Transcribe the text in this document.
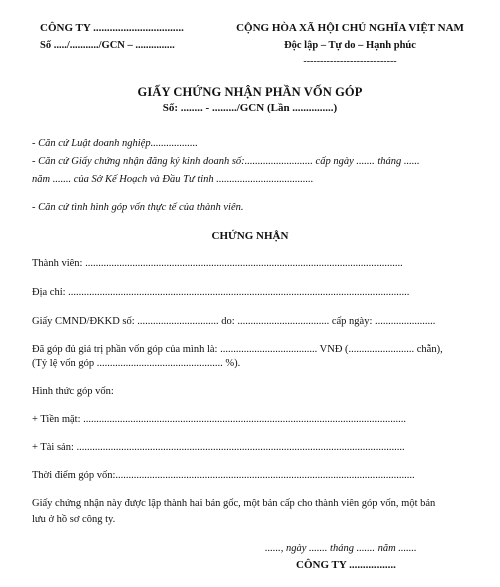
CÔNG TY .................................
Số ...../.........../GCN – ...............
CỘNG HÒA XÃ HỘI CHỦ NGHĨA VIỆT NAM
Độc lập – Tự do – Hạnh phúc
----------------------------
GIẤY CHỨNG NHẬN PHẦN VỐN GÓP
Số: ........ - ........./GCN (Lần ...............)
- Căn cứ Luật doanh nghiệp..................
- Căn cứ Giấy chứng nhận đăng ký kinh doanh số:.......................... cấp ngày ....... tháng ......
năm ....... của Sở Kế Hoạch và Đầu Tư tỉnh .....................................
- Căn cứ tình hình góp vốn thực tế của thành viên.
CHỨNG NHẬN
Thành viên: .........................................................................................................................
Địa chỉ: ..................................................................................................................................
Giấy CMND/ĐKKD số: ............................... do: ................................... cấp ngày: .......................
Đã góp đủ giá trị phần vốn góp của mình là: ..................................... VNĐ (......................... chẵn),
(Tỷ lệ vốn góp ................................................ %).
Hình thức góp vốn:
+ Tiền mặt: ...........................................................................................................................
+ Tài sản: .............................................................................................................................
Thời điểm góp vốn:..................................................................................................................
Giấy chứng nhận này được lập thành hai bản gốc, một bản cấp cho thành viên góp vốn, một bản
lưu ở hồ sơ công ty.
......, ngày ....... tháng ....... năm .......
CÔNG TY .................
